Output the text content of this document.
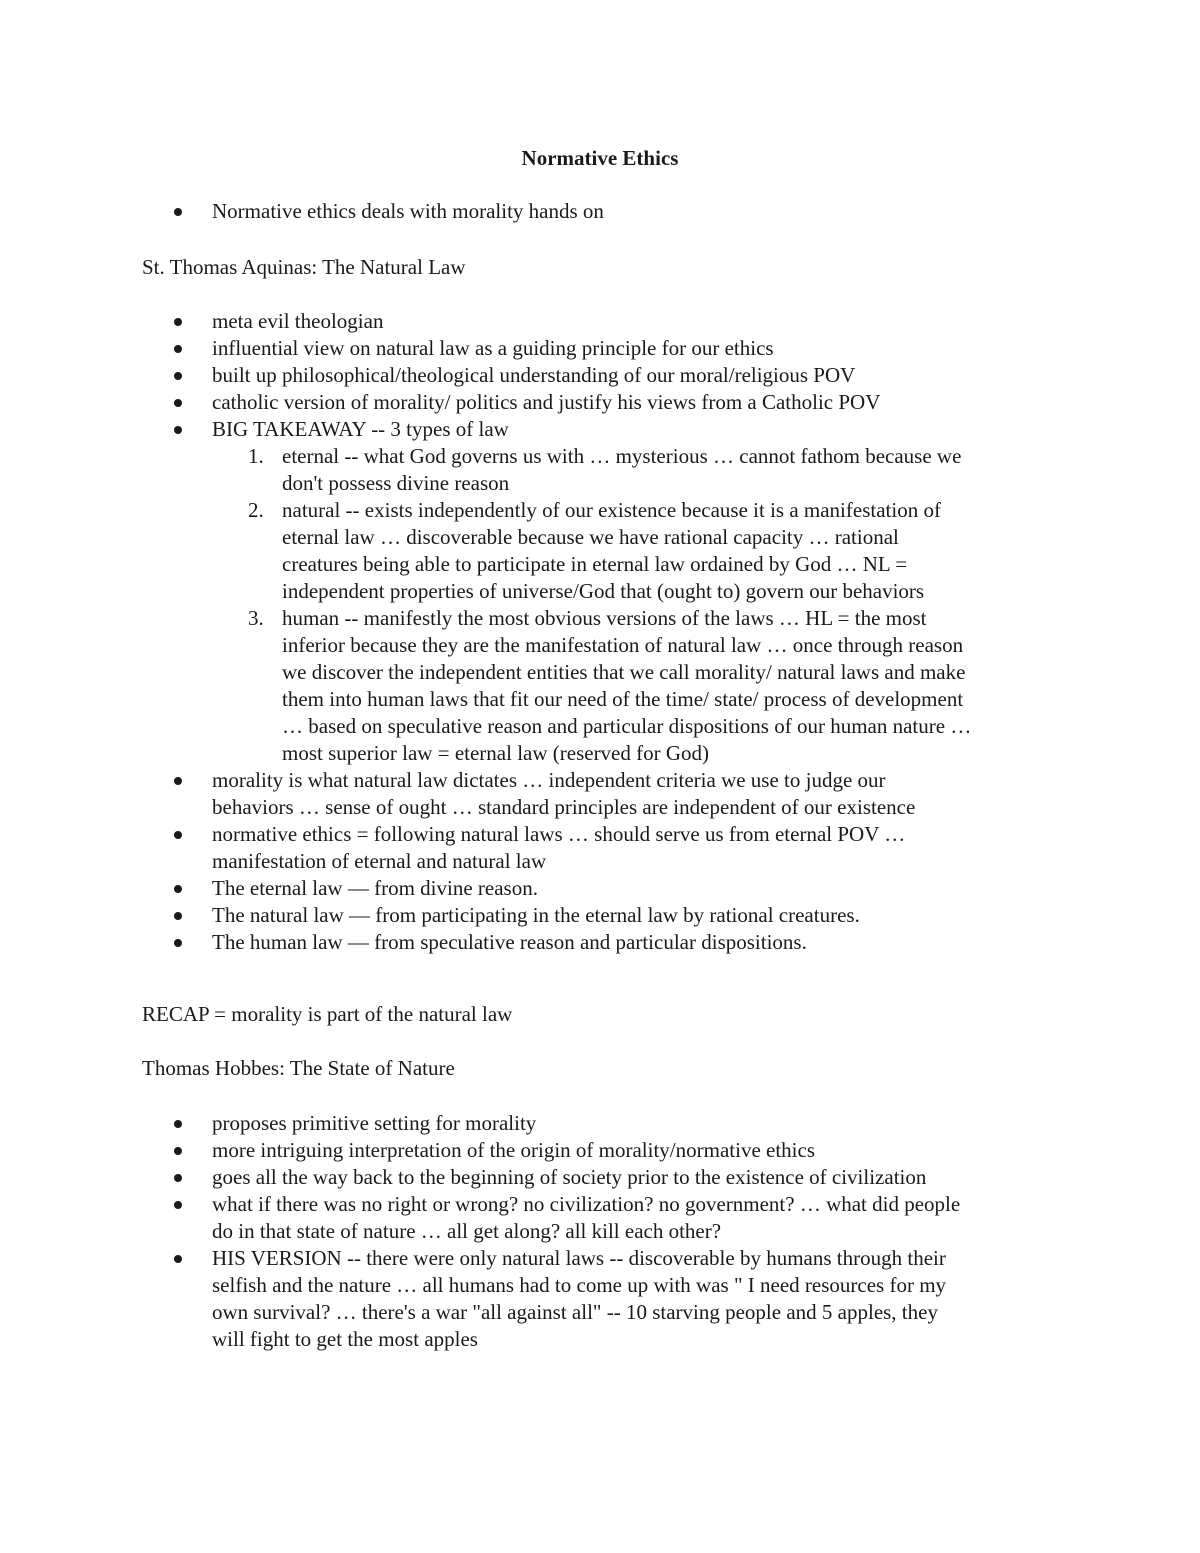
Normative Ethics
Normative ethics deals with morality hands on
St. Thomas Aquinas: The Natural Law
meta evil theologian
influential view on natural law as a guiding principle for our ethics
built up philosophical/theological understanding of our moral/religious POV
catholic version of morality/ politics and justify his views from a Catholic POV
BIG TAKEAWAY -- 3 types of law
1. eternal -- what God governs us with … mysterious … cannot fathom because we
don't possess divine reason
2. natural -- exists independently of our existence because it is a manifestation of
eternal law … discoverable because we have rational capacity … rational
creatures being able to participate in eternal law ordained by God … NL =
independent properties of universe/God that (ought to) govern our behaviors
3. human -- manifestly the most obvious versions of the laws … HL = the most
inferior because they are the manifestation of natural law … once through reason
we discover the independent entities that we call morality/ natural laws and make
them into human laws that fit our need of the time/ state/ process of development
… based on speculative reason and particular dispositions of our human nature …
most superior law = eternal law (reserved for God)
morality is what natural law dictates … independent criteria we use to judge our
behaviors … sense of ought … standard principles are independent of our existence
normative ethics = following natural laws … should serve us from eternal POV …
manifestation of eternal and natural law
The eternal law — from divine reason.
The natural law — from participating in the eternal law by rational creatures.
The human law — from speculative reason and particular dispositions.
RECAP = morality is part of the natural law
Thomas Hobbes: The State of Nature
proposes primitive setting for morality
more intriguing interpretation of the origin of morality/normative ethics
goes all the way back to the beginning of society prior to the existence of civilization
what if there was no right or wrong? no civilization? no government? … what did people
do in that state of nature … all get along? all kill each other?
HIS VERSION -- there were only natural laws -- discoverable by humans through their
selfish and the nature … all humans had to come up with was " I need resources for my
own survival? … there's a war "all against all" -- 10 starving people and 5 apples, they
will fight to get the most apples
